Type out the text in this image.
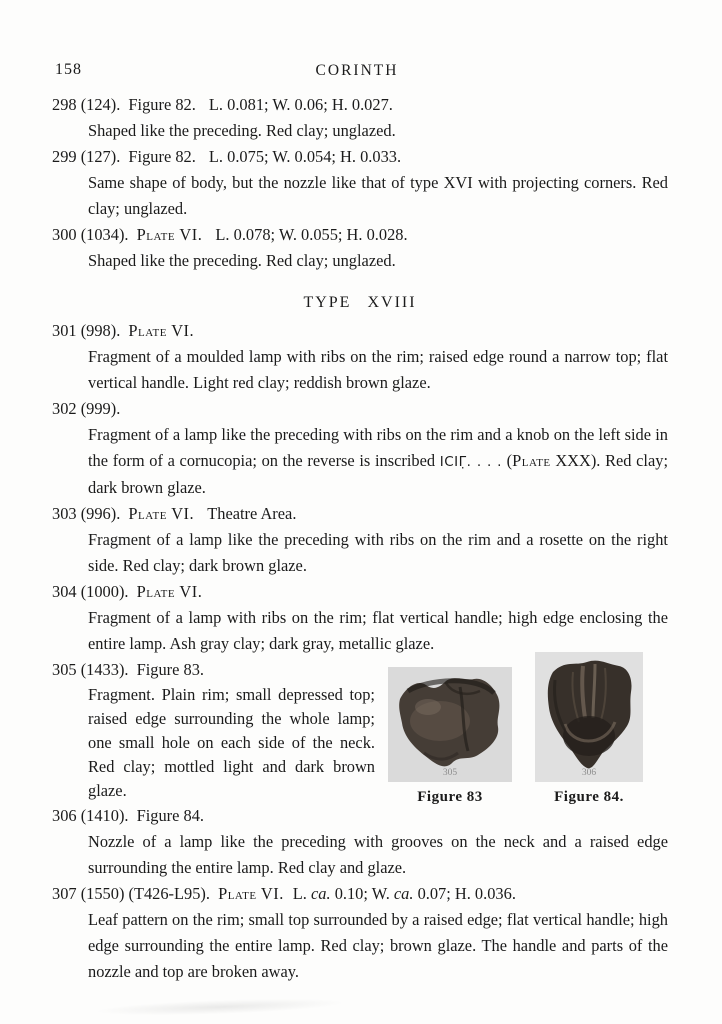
158	CORINTH
298 (124). Figure 82. L. 0.081; W. 0.06; H. 0.027.
Shaped like the preceding. Red clay; unglazed.
299 (127). Figure 82. L. 0.075; W. 0.054; H. 0.033.
Same shape of body, but the nozzle like that of type XVI with projecting corners. Red clay; unglazed.
300 (1034). Plate VI. L. 0.078; W. 0.055; H. 0.028.
Shaped like the preceding. Red clay; unglazed.
TYPE XVIII
301 (998). Plate VI.
Fragment of a moulded lamp with ribs on the rim; raised edge round a narrow top; flat vertical handle. Light red clay; reddish brown glaze.
302 (999).
Fragment of a lamp like the preceding with ribs on the rim and a knob on the left side in the form of a cornucopia; on the reverse is inscribed ICIΓ̣. . . . (Plate XXX). Red clay; dark brown glaze.
303 (996). Plate VI. Theatre Area.
Fragment of a lamp like the preceding with ribs on the rim and a rosette on the right side. Red clay; dark brown glaze.
304 (1000). Plate VI.
Fragment of a lamp with ribs on the rim; flat vertical handle; high edge enclosing the entire lamp. Ash gray clay; dark gray, metallic glaze.
305 (1433). Figure 83.
Fragment. Plain rim; small depressed top; raised edge surrounding the whole lamp; one small hole on each side of the neck. Red clay; mottled light and dark brown glaze.
306 (1410). Figure 84.
Nozzle of a lamp like the preceding with grooves on the neck and a raised edge surrounding the entire lamp. Red clay and glaze.
307 (1550) (T426-L95). Plate VI. L. ca. 0.10; W. ca. 0.07; H. 0.036.
Leaf pattern on the rim; small top surrounded by a raised edge; flat vertical handle; high edge surrounding the entire lamp. Red clay; brown glaze. The handle and parts of the nozzle and top are broken away.
305
Figure 83
306
Figure 84.
